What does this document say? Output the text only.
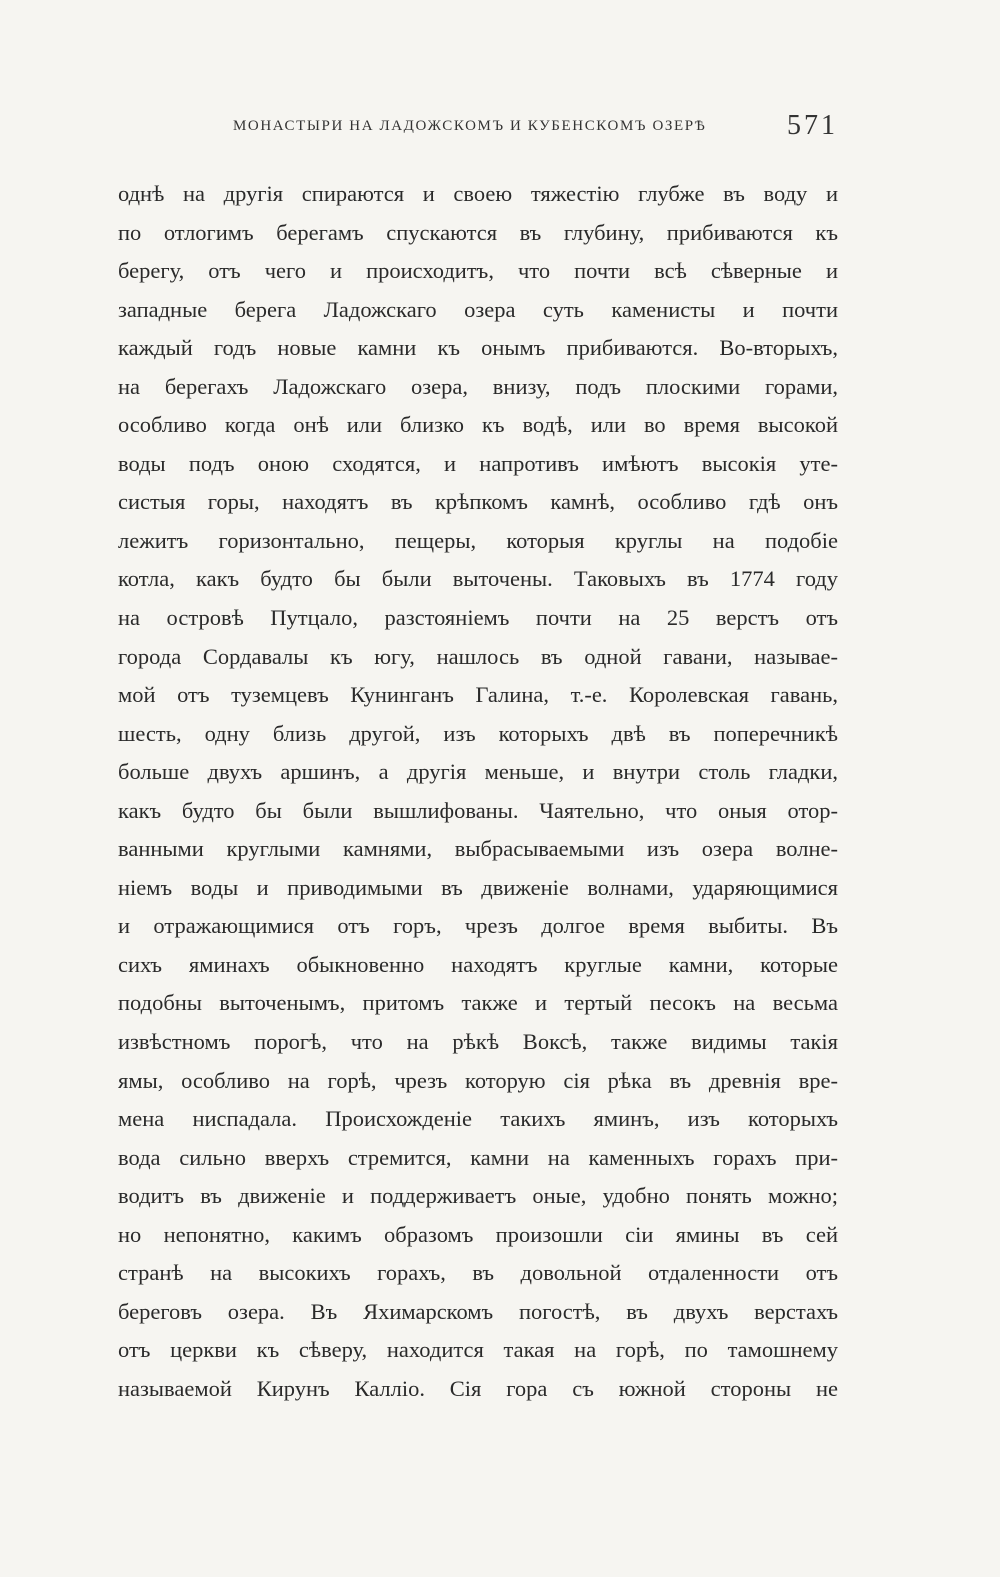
МОНАСТЫРИ НА ЛАДОЖСКОМЪ И КУБЕНСКОМЪ ОЗЕРѢ	571
однѣ на другія спираются и своею тяжестію глубже въ воду и
по отлогимъ берегамъ спускаются въ глубину, прибиваются къ
берегу, отъ чего и происходитъ, что почти всѣ сѣверные и
западные берега Ладожскаго озера суть каменисты и почти
каждый годъ новые камни къ онымъ прибиваются. Во-вторыхъ,
на берегахъ Ладожскаго озера, внизу, подъ плоскими горами,
особливо когда онѣ или близко къ водѣ, или во время высокой
воды подъ оною сходятся, и напротивъ имѣютъ высокія уте-
систыя горы, находятъ въ крѣпкомъ камнѣ, особливо гдѣ онъ
лежитъ горизонтально, пещеры, которыя круглы на подобіе
котла, какъ будто бы были выточены. Таковыхъ въ 1774 году
на островѣ Путцало, разстояніемъ почти на 25 верстъ отъ
города Сордавалы къ югу, нашлось въ одной гавани, называе-
мой отъ туземцевъ Кунинганъ Галина, т.-е. Королевская гавань,
шесть, одну близь другой, изъ которыхъ двѣ въ поперечникѣ
больше двухъ аршинъ, а другія меньше, и внутри столь гладки,
какъ будто бы были вышлифованы. Чаятельно, что оныя отор-
ванными круглыми камнями, выбрасываемыми изъ озера волне-
ніемъ воды и приводимыми въ движеніе волнами, ударяющимися
и отражающимися отъ горъ, чрезъ долгое время выбиты. Въ
сихъ яминахъ обыкновенно находятъ круглые камни, которые
подобны выточенымъ, притомъ также и тертый песокъ на весьма
извѣстномъ порогѣ, что на рѣкѣ Воксѣ, также видимы такія
ямы, особливо на горѣ, чрезъ которую сія рѣка въ древнія вре-
мена ниспадала. Происхожденіе такихъ яминъ, изъ которыхъ
вода сильно вверхъ стремится, камни на каменныхъ горахъ при-
водитъ въ движеніе и поддерживаетъ оные, удобно понять можно;
но непонятно, какимъ образомъ произошли сіи ямины въ сей
странѣ на высокихъ горахъ, въ довольной отдаленности отъ
береговъ озера. Въ Яхимарскомъ погостѣ, въ двухъ верстахъ
отъ церкви къ сѣверу, находится такая на горѣ, по тамошнему
называемой Кирунъ Калліо. Сія гора съ южной стороны не
